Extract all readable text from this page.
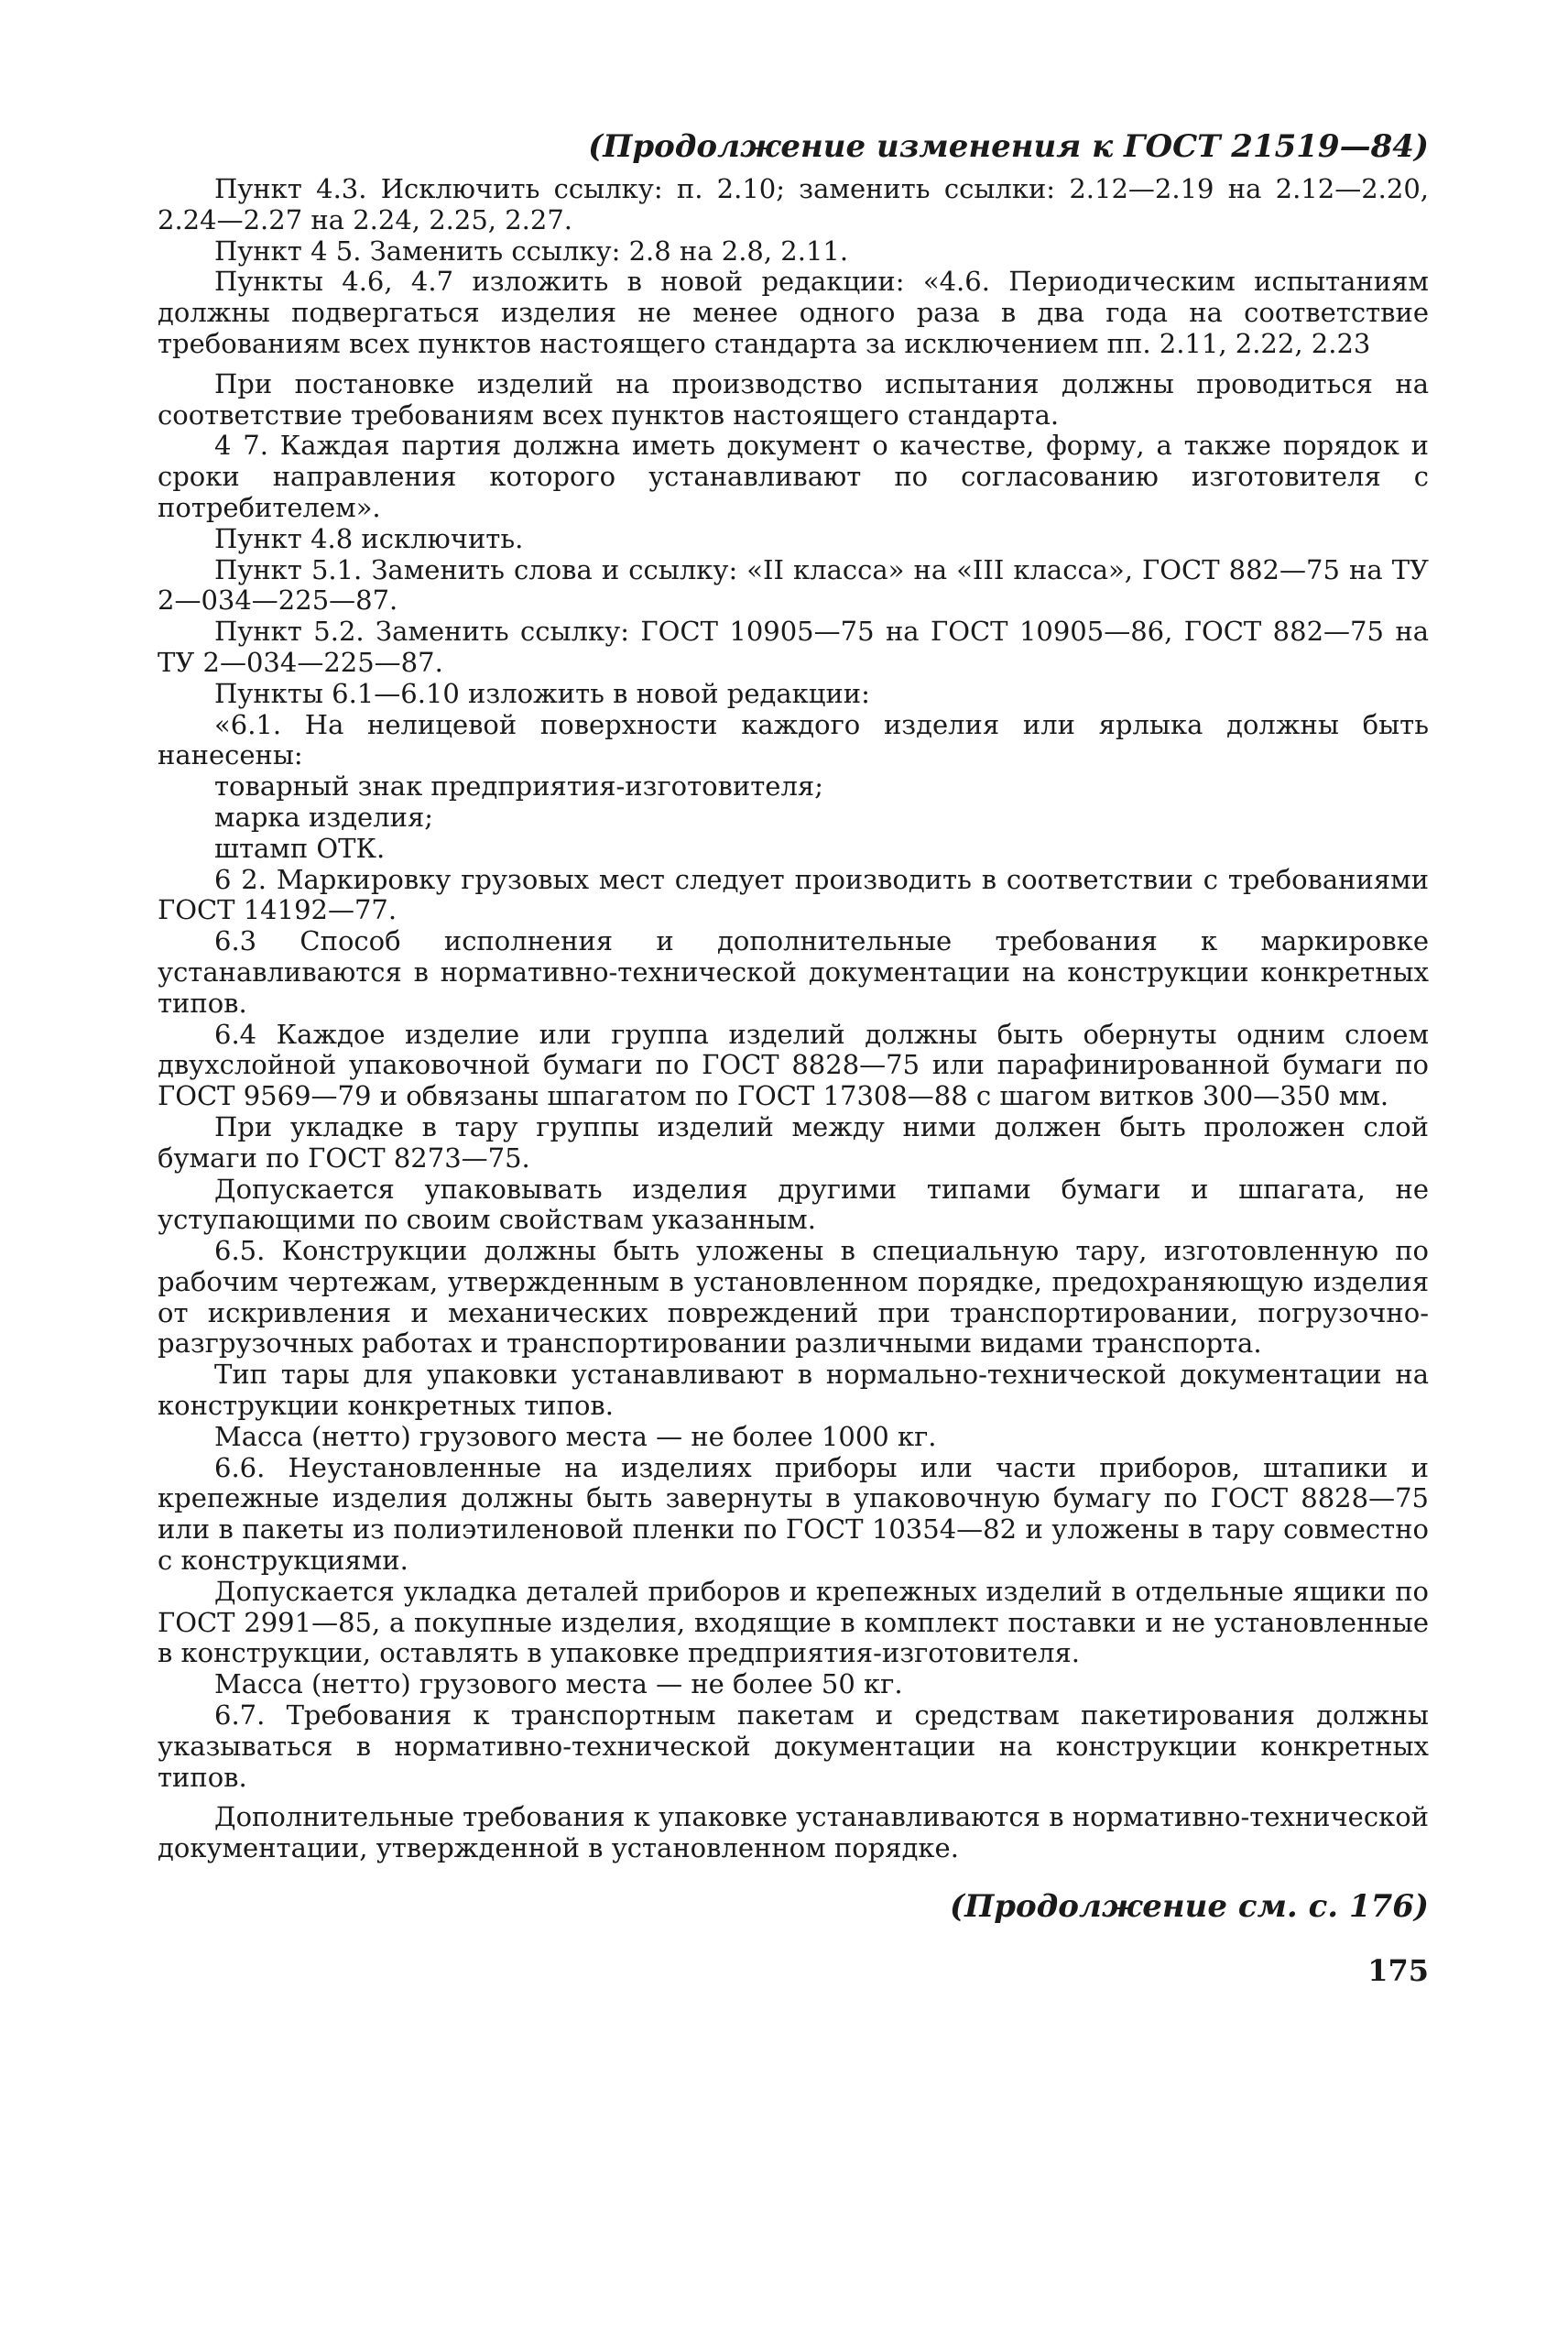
(Продолжение изменения к ГОСТ 21519—84)

Пункт 4.3. Исключить ссылку: п. 2.10; заменить ссылки: 2.12—2.19 на 2.12—2.20, 2.24—2.27 на 2.24, 2.25, 2.27.

Пункт 4 5. Заменить ссылку: 2.8 на 2.8, 2.11.

Пункты 4.6, 4.7 изложить в новой редакции: «4.6. Периодическим испытаниям должны подвергаться изделия не менее одного раза в два года на соответствие требованиям всех пунктов настоящего стандарта за исключением пп. 2.11, 2.22, 2.23

При постановке изделий на производство испытания должны проводиться на соответствие требованиям всех пунктов настоящего стандарта.

4 7. Каждая партия должна иметь документ о качестве, форму, а также порядок и сроки направления которого устанавливают по согласованию изготовителя с потребителем».

Пункт 4.8 исключить.

Пункт 5.1. Заменить слова и ссылку: «II класса» на «III класса», ГОСТ 882—75 на ТУ 2—034—225—87.

Пункт 5.2. Заменить ссылку: ГОСТ 10905—75 на ГОСТ 10905—86, ГОСТ 882—75 на ТУ 2—034—225—87.

Пункты 6.1—6.10 изложить в новой редакции:

«6.1. На нелицевой поверхности каждого изделия или ярлыка должны быть нанесены:

товарный знак предприятия-изготовителя;

марка изделия;

штамп ОТК.

6 2. Маркировку грузовых мест следует производить в соответствии с требованиями ГОСТ 14192—77.

6.3 Способ исполнения и дополнительные требования к маркировке устанавливаются в нормативно-технической документации на конструкции конкретных типов.

6.4 Каждое изделие или группа изделий должны быть обернуты одним слоем двухслойной упаковочной бумаги по ГОСТ 8828—75 или парафинированной бумаги по ГОСТ 9569—79 и обвязаны шпагатом по ГОСТ 17308—88 с шагом витков 300—350 мм.

При укладке в тару группы изделий между ними должен быть проложен слой бумаги по ГОСТ 8273—75.

Допускается упаковывать изделия другими типами бумаги и шпагата, не уступающими по своим свойствам указанным.

6.5. Конструкции должны быть уложены в специальную тару, изготовленную по рабочим чертежам, утвержденным в установленном порядке, предохраняющую изделия от искривления и механических повреждений при транспортировании, погрузочно-разгрузочных работах и транспортировании различными видами транспорта.

Тип тары для упаковки устанавливают в нормально-технической документации на конструкции конкретных типов.

Масса (нетто) грузового места — не более 1000 кг.

6.6. Неустановленные на изделиях приборы или части приборов, штапики и крепежные изделия должны быть завернуты в упаковочную бумагу по ГОСТ 8828—75 или в пакеты из полиэтиленовой пленки по ГОСТ 10354—82 и уложены в тару совместно с конструкциями.

Допускается укладка деталей приборов и крепежных изделий в отдельные ящики по ГОСТ 2991—85, а покупные изделия, входящие в комплект поставки и не установленные в конструкции, оставлять в упаковке предприятия-изготовителя.

Масса (нетто) грузового места — не более 50 кг.

6.7. Требования к транспортным пакетам и средствам пакетирования должны указываться в нормативно-технической документации на конструкции конкретных типов.

Дополнительные требования к упаковке устанавливаются в нормативно-технической документации, утвержденной в установленном порядке.

(Продолжение см. с. 176)
175
